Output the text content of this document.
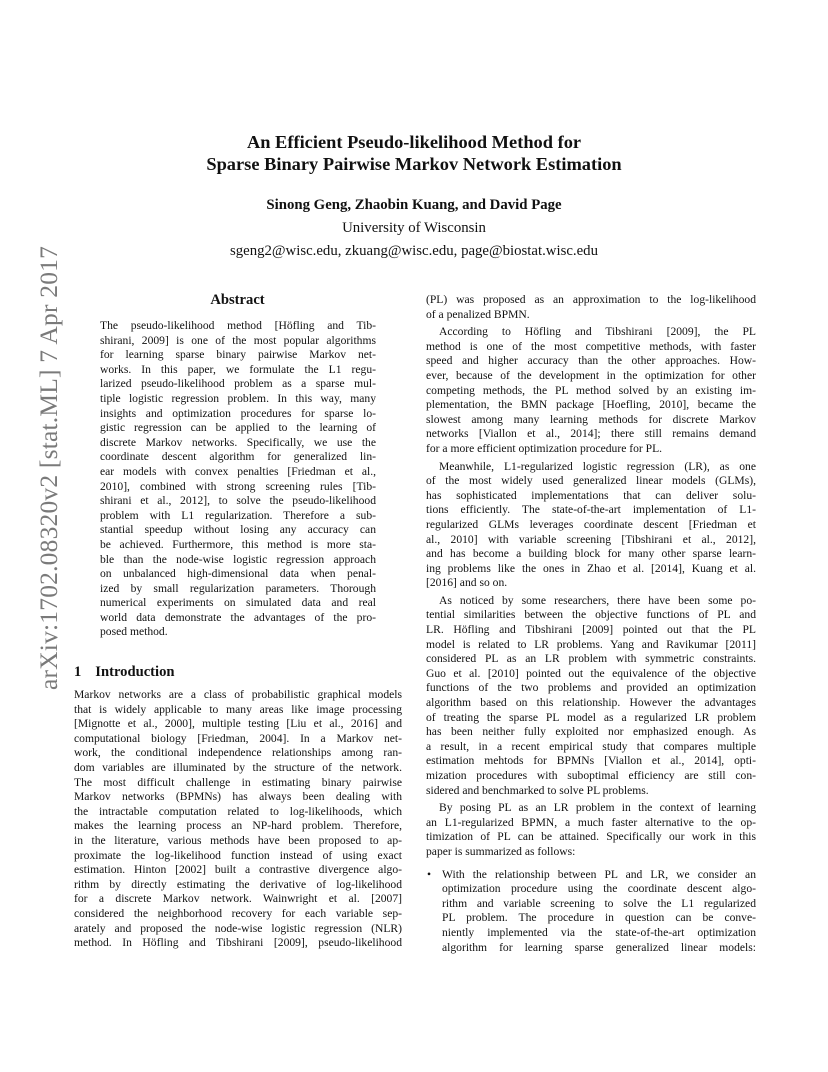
arXiv:1702.08320v2 [stat.ML] 7 Apr 2017
An Efficient Pseudo-likelihood Method for
Sparse Binary Pairwise Markov Network Estimation
Sinong Geng, Zhaobin Kuang, and David Page
University of Wisconsin
sgeng2@wisc.edu, zkuang@wisc.edu, page@biostat.wisc.edu
Abstract
The pseudo-likelihood method [Höfling and Tib-
shirani, 2009] is one of the most popular algorithms
for learning sparse binary pairwise Markov net-
works. In this paper, we formulate the L1 regu-
larized pseudo-likelihood problem as a sparse mul-
tiple logistic regression problem. In this way, many
insights and optimization procedures for sparse lo-
gistic regression can be applied to the learning of
discrete Markov networks. Specifically, we use the
coordinate descent algorithm for generalized lin-
ear models with convex penalties [Friedman et al.,
2010], combined with strong screening rules [Tib-
shirani et al., 2012], to solve the pseudo-likelihood
problem with L1 regularization. Therefore a sub-
stantial speedup without losing any accuracy can
be achieved. Furthermore, this method is more sta-
ble than the node-wise logistic regression approach
on unbalanced high-dimensional data when penal-
ized by small regularization parameters. Thorough
numerical experiments on simulated data and real
world data demonstrate the advantages of the pro-
posed method.
1 Introduction
Markov networks are a class of probabilistic graphical models
that is widely applicable to many areas like image processing
[Mignotte et al., 2000], multiple testing [Liu et al., 2016] and
computational biology [Friedman, 2004]. In a Markov net-
work, the conditional independence relationships among ran-
dom variables are illuminated by the structure of the network.
The most difficult challenge in estimating binary pairwise
Markov networks (BPMNs) has always been dealing with
the intractable computation related to log-likelihoods, which
makes the learning process an NP-hard problem. Therefore,
in the literature, various methods have been proposed to ap-
proximate the log-likelihood function instead of using exact
estimation. Hinton [2002] built a contrastive divergence algo-
rithm by directly estimating the derivative of log-likelihood
for a discrete Markov network. Wainwright et al. [2007]
considered the neighborhood recovery for each variable sep-
arately and proposed the node-wise logistic regression (NLR)
method. In Höfling and Tibshirani [2009], pseudo-likelihood
(PL) was proposed as an approximation to the log-likelihood
of a penalized BPMN.
According to Höfling and Tibshirani [2009], the PL
method is one of the most competitive methods, with faster
speed and higher accuracy than the other approaches. How-
ever, because of the development in the optimization for other
competing methods, the PL method solved by an existing im-
plementation, the BMN package [Hoefling, 2010], became the
slowest among many learning methods for discrete Markov
networks [Viallon et al., 2014]; there still remains demand
for a more efficient optimization procedure for PL.
Meanwhile, L1-regularized logistic regression (LR), as one
of the most widely used generalized linear models (GLMs),
has sophisticated implementations that can deliver solu-
tions efficiently. The state-of-the-art implementation of L1-
regularized GLMs leverages coordinate descent [Friedman et
al., 2010] with variable screening [Tibshirani et al., 2012],
and has become a building block for many other sparse learn-
ing problems like the ones in Zhao et al. [2014], Kuang et al.
[2016] and so on.
As noticed by some researchers, there have been some po-
tential similarities between the objective functions of PL and
LR. Höfling and Tibshirani [2009] pointed out that the PL
model is related to LR problems. Yang and Ravikumar [2011]
considered PL as an LR problem with symmetric constraints.
Guo et al. [2010] pointed out the equivalence of the objective
functions of the two problems and provided an optimization
algorithm based on this relationship. However the advantages
of treating the sparse PL model as a regularized LR problem
has been neither fully exploited nor emphasized enough. As
a result, in a recent empirical study that compares multiple
estimation mehtods for BPMNs [Viallon et al., 2014], opti-
mization procedures with suboptimal efficiency are still con-
sidered and benchmarked to solve PL problems.
By posing PL as an LR problem in the context of learning
an L1-regularized BPMN, a much faster alternative to the op-
timization of PL can be attained. Specifically our work in this
paper is summarized as follows:
• With the relationship between PL and LR, we consider an
optimization procedure using the coordinate descent algo-
rithm and variable screening to solve the L1 regularized
PL problem. The procedure in question can be conve-
niently implemented via the state-of-the-art optimization
algorithm for learning sparse generalized linear models:
